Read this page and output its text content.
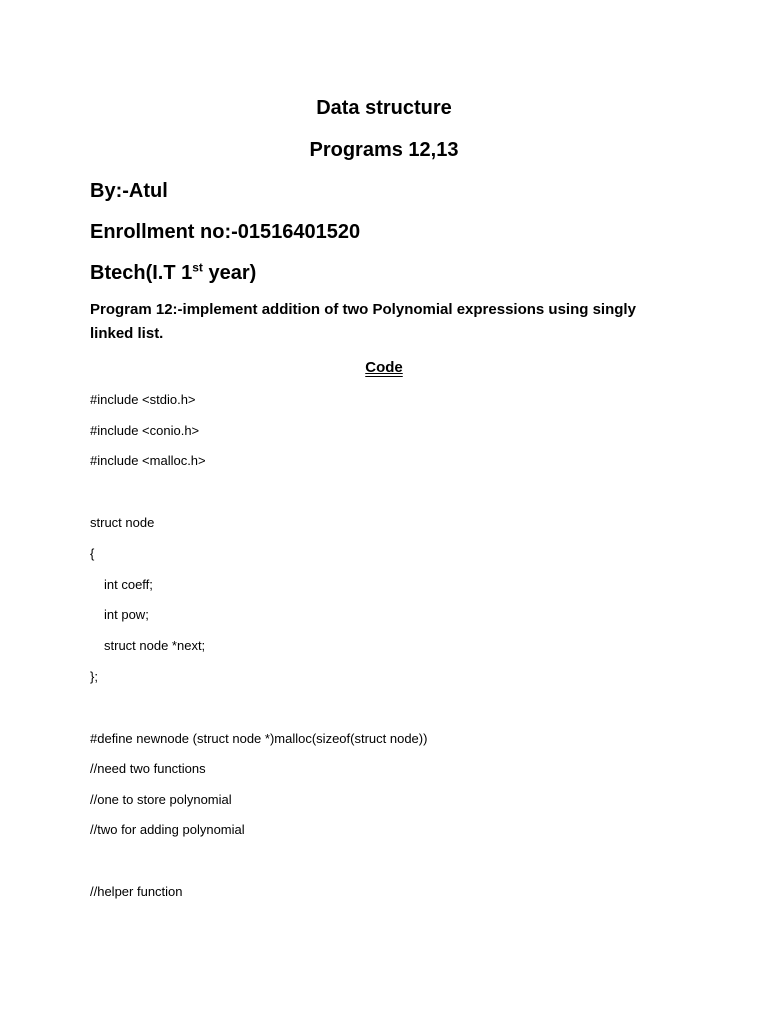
Data structure
Programs 12,13
By:-Atul
Enrollment no:-01516401520
Btech(I.T 1st year)
Program 12:-implement addition of two Polynomial expressions using singly linked list.
Code
#include <stdio.h>
#include <conio.h>
#include <malloc.h>
struct node
{
int coeff;
int pow;
struct node *next;
};
#define newnode (struct node *)malloc(sizeof(struct node))
//need two functions
//one to store polynomial
//two for adding polynomial
//helper function
